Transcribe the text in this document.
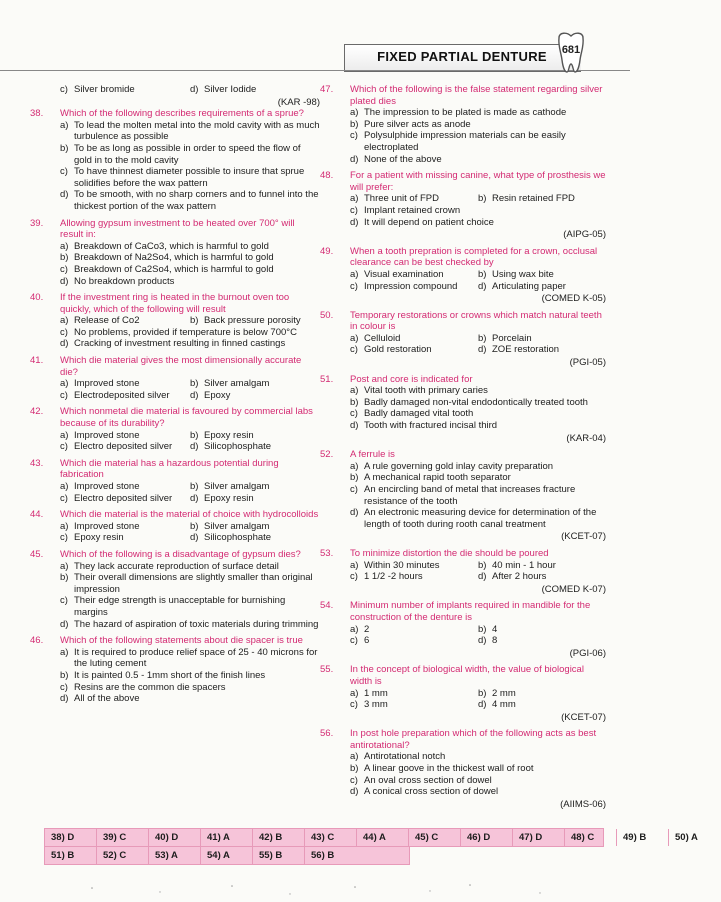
FIXED PARTIAL DENTURE	681
c) Silver bromide	d) Silver Iodide
(KAR -98)
38.	Which of the following describes requirements of a sprue?
a) To lead the molten metal into the mold cavity with as much turbulence as possible
b) To be as long as possible in order to speed the flow of gold in to the mold cavity
c) To have thinnest diameter possible to insure that sprue solidifies before the wax pattern
d) To be smooth, with no sharp corners and to funnel into the thickest portion of the wax pattern
39.	Allowing gypsum investment to be heated over 700° will result in:
a) Breakdown of CaCo3, which is harmful to gold
b) Breakdown of Na2So4, which is harmful to gold
c) Breakdown of Ca2So4, which is harmful to gold
d) No breakdown products
40.	If the investment ring is heated in the burnout oven too quickly, which of the following will result
a) Release of Co2	b) Back pressure porosity
c) No problems, provided if temperature is below 700°C
d) Cracking of investment resulting in finned castings
41.	Which die material gives the most dimensionally accurate die?
a) Improved stone	b) Silver amalgam
c) Electrodeposited silver	d) Epoxy
42.	Which nonmetal die material is favoured by commercial labs because of its durability?
a) Improved stone	b) Epoxy resin
c) Electro deposited silver	d) Silicophosphate
43.	Which die material has a hazardous potential during fabrication
a) Improved stone	b) Silver amalgam
c) Electro deposited silver	d) Epoxy resin
44.	Which die material is the material of choice with hydrocolloids
a) Improved stone	b) Silver amalgam
c) Epoxy resin	d) Silicophosphate
45.	Which of the following is a disadvantage of gypsum dies?
a) They lack accurate reproduction of surface detail
b) Their overall dimensions are slightly smaller than original impression
c) Their edge strength is unacceptable for burnishing margins
d) The hazard of aspiration of toxic materials during trimming
46.	Which of the following statements about die spacer is true
a) It is required to produce relief space of 25 - 40 microns for the luting cement
b) It is painted 0.5 - 1mm short of the finish lines
c) Resins are the common die spacers
d) All of the above
47.	Which of the following is the false statement regarding silver plated dies
a) The impression to be plated is made as cathode
b) Pure silver acts as anode
c) Polysulphide impression materials can be easily electroplated
d) None of the above
48.	For a patient with missing canine, what type of prosthesis we will prefer:
a) Three unit of FPD	b) Resin retained FPD
c) Implant retained crown
d) It will depend on patient choice
(AIPG-05)
49.	When a tooth prepration is completed for a crown, occlusal clearance can be best checked by
a) Visual examination	b) Using wax bite
c) Impression compound	d) Articulating paper
(COMED K-05)
50.	Temporary restorations or crowns which match natural teeth in colour is
a) Celluloid	b) Porcelain
c) Gold restoration	d) ZOE restoration
(PGI-05)
51.	Post and core is indicated for
a) Vital tooth with primary caries
b) Badly damaged non-vital endodontically treated tooth
c) Badly damaged vital tooth
d) Tooth with fractured incisal third
(KAR-04)
52.	A ferrule is
a) A rule governing gold inlay cavity preparation
b) A mechanical rapid tooth separator
c) An encircling band of metal that increases fracture resistance of the tooth
d) An electronic measuring device for determination of the length of tooth during rooth canal treatment
(KCET-07)
53.	To minimize distortion the die should be poured
a) Within 30 minutes	b) 40 min - 1 hour
c) 1 1/2 -2 hours	d) After 2 hours
(COMED K-07)
54.	Minimum number of implants required in mandible for the construction of the denture is
a) 2	b) 4
c) 6	d) 8
(PGI-06)
55.	In the concept of biological width, the value of biological width is
a) 1 mm	b) 2 mm
c) 3 mm	d) 4 mm
(KCET-07)
56.	In post hole preparation which of the following acts as best antirotational?
a) Antirotational notch
b) A linear goove in the thickest wall of root
c) An oval cross section of dowel
d) A conical cross section of dowel
(AIIMS-06)
38) D	39) C	40) D	41) A	42) B	43) C	44) A	45) C	46) D	47) D	48) C	49) B	50) A
51) B	52) C	53) A	54) A	55) B	56) B
